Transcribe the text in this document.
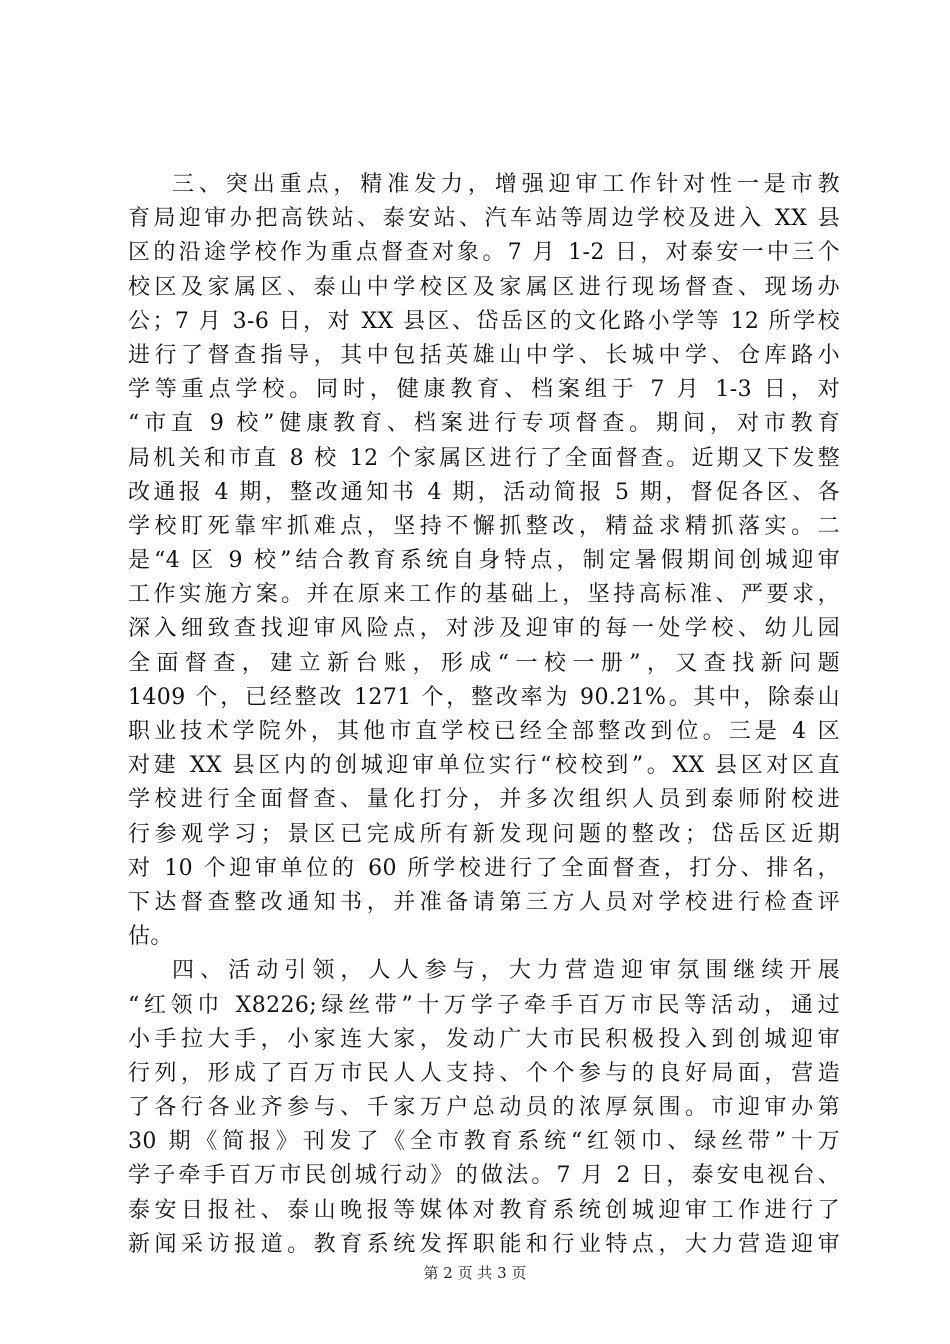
三、突出重点，精准发力，增强迎审工作针对性一是市教
育局迎审办把高铁站、泰安站、汽车站等周边学校及进入 XX 县
区的沿途学校作为重点督查对象。7 月 1-2 日，对泰安一中三个
校区及家属区、泰山中学校区及家属区进行现场督查、现场办
公；7 月 3-6 日，对 XX 县区、岱岳区的文化路小学等 12 所学校
进行了督查指导，其中包括英雄山中学、长城中学、仓库路小
学等重点学校。同时，健康教育、档案组于 7 月 1-3 日，对
“市直 9 校”健康教育、档案进行专项督查。期间，对市教育
局机关和市直 8 校 12 个家属区进行了全面督查。近期又下发整
改通报 4 期，整改通知书 4 期，活动简报 5 期，督促各区、各
学校盯死靠牢抓难点，坚持不懈抓整改，精益求精抓落实。二
是“4 区 9 校”结合教育系统自身特点，制定暑假期间创城迎审
工作实施方案。并在原来工作的基础上，坚持高标准、严要求，
深入细致查找迎审风险点，对涉及迎审的每一处学校、幼儿园
全面督查，建立新台账，形成“一校一册”，又查找新问题
1409 个，已经整改 1271 个，整改率为 90.21%。其中，除泰山
职业技术学院外，其他市直学校已经全部整改到位。三是 4 区
对建 XX 县区内的创城迎审单位实行“校校到”。XX 县区对区直
学校进行全面督查、量化打分，并多次组织人员到泰师附校进
行参观学习；景区已完成所有新发现问题的整改；岱岳区近期
对 10 个迎审单位的 60 所学校进行了全面督查，打分、排名，
下达督查整改通知书，并准备请第三方人员对学校进行检查评
估。
四、活动引领，人人参与，大力营造迎审氛围继续开展
“红领巾 X8226;绿丝带”十万学子牵手百万市民等活动，通过
小手拉大手，小家连大家，发动广大市民积极投入到创城迎审
行列，形成了百万市民人人支持、个个参与的良好局面，营造
了各行各业齐参与、千家万户总动员的浓厚氛围。市迎审办第
30 期《简报》刊发了《全市教育系统“红领巾、绿丝带”十万
学子牵手百万市民创城行动》的做法。7 月 2 日，泰安电视台、
泰安日报社、泰山晚报等媒体对教育系统创城迎审工作进行了
新闻采访报道。教育系统发挥职能和行业特点，大力营造迎审
第 2 页 共 3 页
